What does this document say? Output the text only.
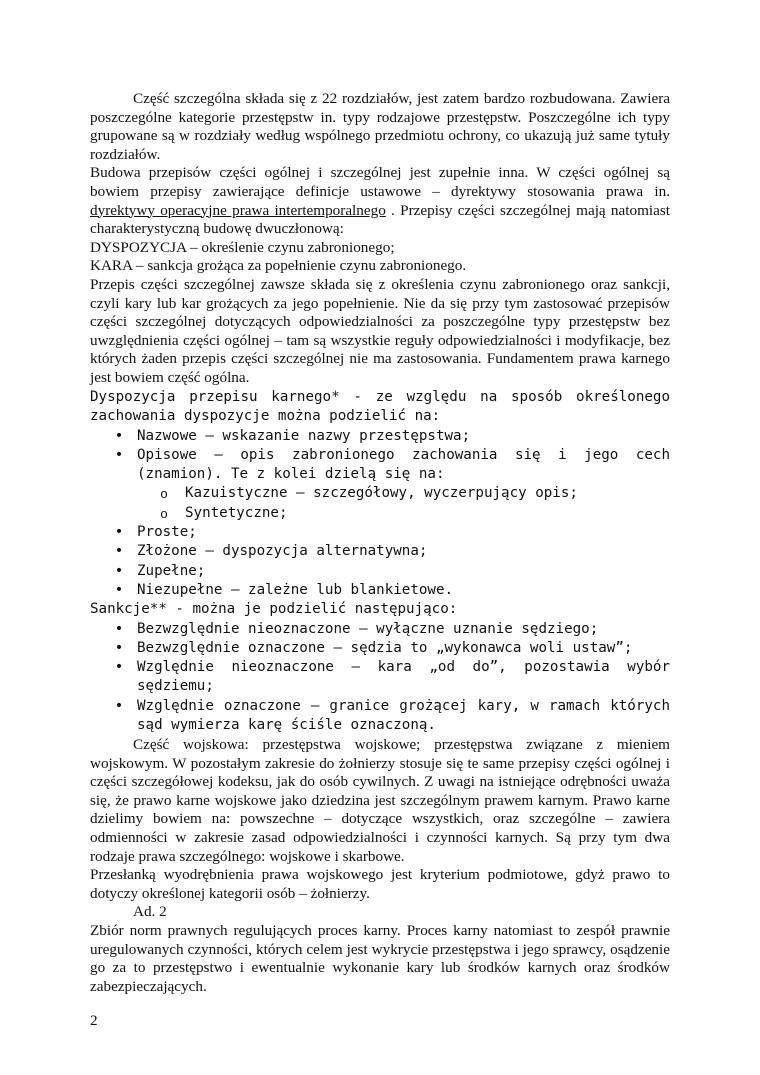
Część szczególna składa się z 22 rozdziałów, jest zatem bardzo rozbudowana. Zawiera poszczególne kategorie przestępstw in. typy rodzajowe przestępstw. Poszczególne ich typy grupowane są w rozdziały według wspólnego przedmiotu ochrony, co ukazują już same tytuły rozdziałów.

Budowa przepisów części ogólnej i szczególnej jest zupełnie inna. W części ogólnej są bowiem przepisy zawierające definicje ustawowe – dyrektywy stosowania prawa in. dyrektywy operacyjne prawa intertemporalnego . Przepisy części szczególnej mają natomiast charakterystyczną budowę dwuczłonową:

DYSPOZYCJA – określenie czynu zabronionego;

KARA – sankcja grożąca za popełnienie czynu zabronionego.

Przepis części szczególnej zawsze składa się z określenia czynu zabronionego oraz sankcji, czyli kary lub kar grożących za jego popełnienie. Nie da się przy tym zastosować przepisów części szczególnej dotyczących odpowiedzialności za poszczególne typy przestępstw bez uwzględnienia części ogólnej – tam są wszystkie reguły odpowiedzialności i modyfikacje, bez których żaden przepis części szczególnej nie ma zastosowania. Fundamentem prawa karnego jest bowiem część ogólna.

Dyspozycja przepisu karnego* - ze względu na sposób określonego zachowania dyspozycje można podzielić na:
• Nazwowe – wskazanie nazwy przestępstwa;
• Opisowe – opis zabronionego zachowania się i jego cech (znamion). Te z kolei dzielą się na:
o Kazuistyczne – szczegółowy, wyczerpujący opis;
o Syntetyczne;
• Proste;
• Złożone – dyspozycja alternatywna;
• Zupełne;
• Niezupełne – zależne lub blankietowe.
Sankcje** - można je podzielić następująco:
• Bezwzględnie nieoznaczone – wyłączne uznanie sędziego;
• Bezwzględnie oznaczone – sędzia to „wykonawca woli ustaw”;
• Względnie nieoznaczone – kara „od do”, pozostawia wybór sędziemu;
• Względnie oznaczone – granice grożącej kary, w ramach których sąd wymierza karę ściśle oznaczoną.

Część wojskowa: przestępstwa wojskowe; przestępstwa związane z mieniem wojskowym. W pozostałym zakresie do żołnierzy stosuje się te same przepisy części ogólnej i części szczegółowej kodeksu, jak do osób cywilnych. Z uwagi na istniejące odrębności uważa się, że prawo karne wojskowe jako dziedzina jest szczególnym prawem karnym. Prawo karne dzielimy bowiem na: powszechne – dotyczące wszystkich, oraz szczególne – zawiera odmienności w zakresie zasad odpowiedzialności i czynności karnych. Są przy tym dwa rodzaje prawa szczególnego: wojskowe i skarbowe.

Przesłanką wyodrębnienia prawa wojskowego jest kryterium podmiotowe, gdyż prawo to dotyczy określonej kategorii osób – żołnierzy.

Ad. 2

Zbiór norm prawnych regulujących proces karny. Proces karny natomiast to zespół prawnie uregulowanych czynności, których celem jest wykrycie przestępstwa i jego sprawcy, osądzenie go za to przestępstwo i ewentualnie wykonanie kary lub środków karnych oraz środków zabezpieczających.

2
